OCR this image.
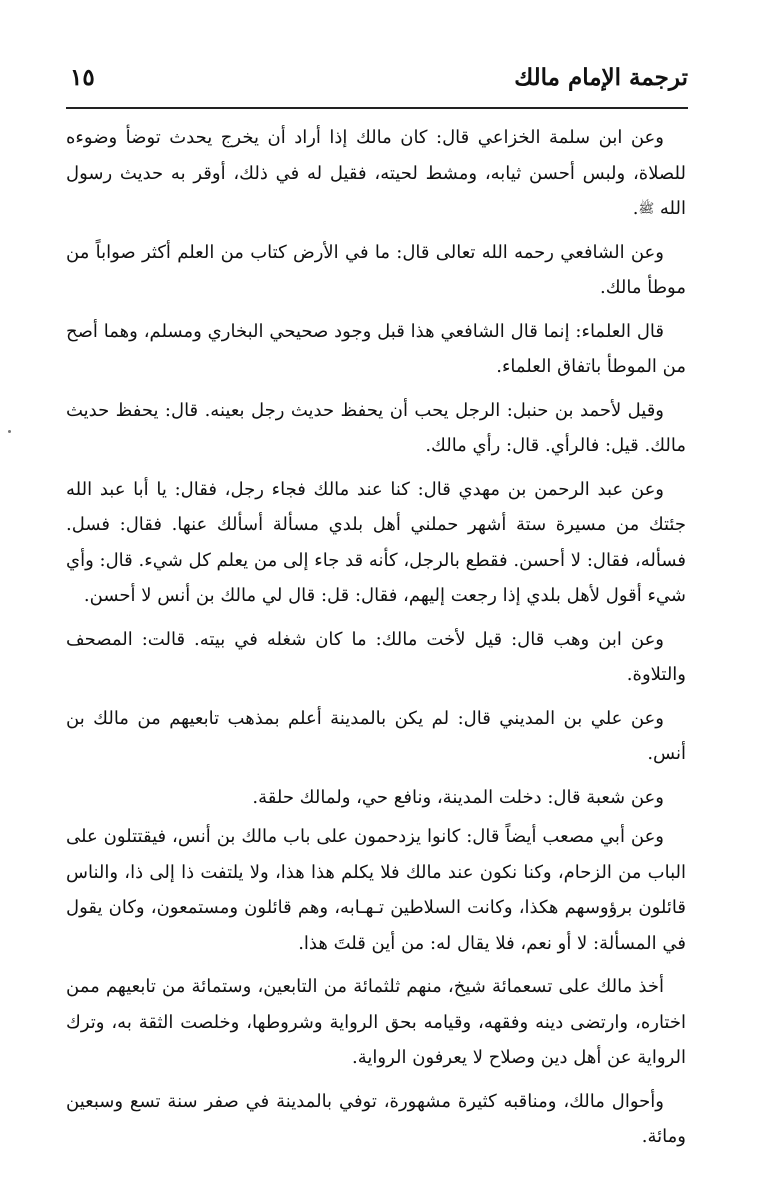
ترجمة الإمام مالك
١٥

وعن ابن سلمة الخزاعي قال: كان مالك إذا أراد أن يخرج يحدث توضأ وضوءه للصلاة، ولبس أحسن ثيابه، ومشط لحيته، فقيل له في ذلك، أوقر به حديث رسول الله ﷺ.

وعن الشافعي رحمه الله تعالى قال: ما في الأرض كتاب من العلم أكثر صواباً من موطأ مالك.

قال العلماء: إنما قال الشافعي هذا قبل وجود صحيحي البخاري ومسلم، وهما أصح من الموطأ باتفاق العلماء.

وقيل لأحمد بن حنبل: الرجل يحب أن يحفظ حديث رجل بعينه. قال: يحفظ حديث مالك. قيل: فالرأي. قال: رأي مالك.

وعن عبد الرحمن بن مهدي قال: كنا عند مالك فجاء رجل، فقال: يا أبا عبد الله جئتك من مسيرة ستة أشهر حملني أهل بلدي مسألة أسألك عنها. فقال: فسل. فسأله، فقال: لا أحسن. فقطع بالرجل، كأنه قد جاء إلى من يعلم كل شيء. قال: وأي شيء أقول لأهل بلدي إذا رجعت إليهم، فقال: قل: قال لي مالك بن أنس لا أحسن.

وعن ابن وهب قال: قيل لأخت مالك: ما كان شغله في بيته. قالت: المصحف والتلاوة.

وعن علي بن المديني قال: لم يكن بالمدينة أعلم بمذهب تابعيهم من مالك بن أنس.

وعن شعبة قال: دخلت المدينة، ونافع حي، ولمالك حلقة.

وعن أبي مصعب أيضاً قال: كانوا يزدحمون على باب مالك بن أنس، فيقتتلون على الباب من الزحام، وكنا نكون عند مالك فلا يكلم هذا هذا، ولا يلتفت ذا إلى ذا، والناس قائلون برؤوسهم هكذا، وكانت السلاطين تـهـابه، وهم قائلون ومستمعون، وكان يقول في المسألة: لا أو نعم، فلا يقال له: من أين قلتَ هذا.

أخذ مالك على تسعمائة شيخ، منهم ثلثمائة من التابعين، وستمائة من تابعيهم ممن اختاره، وارتضى دينه وفقهه، وقيامه بحق الرواية وشروطها، وخلصت الثقة به، وترك الرواية عن أهل دين وصلاح لا يعرفون الرواية.

وأحوال مالك، ومناقبه كثيرة مشهورة، توفي بالمدينة في صفر سنة تسع وسبعين ومائة.
